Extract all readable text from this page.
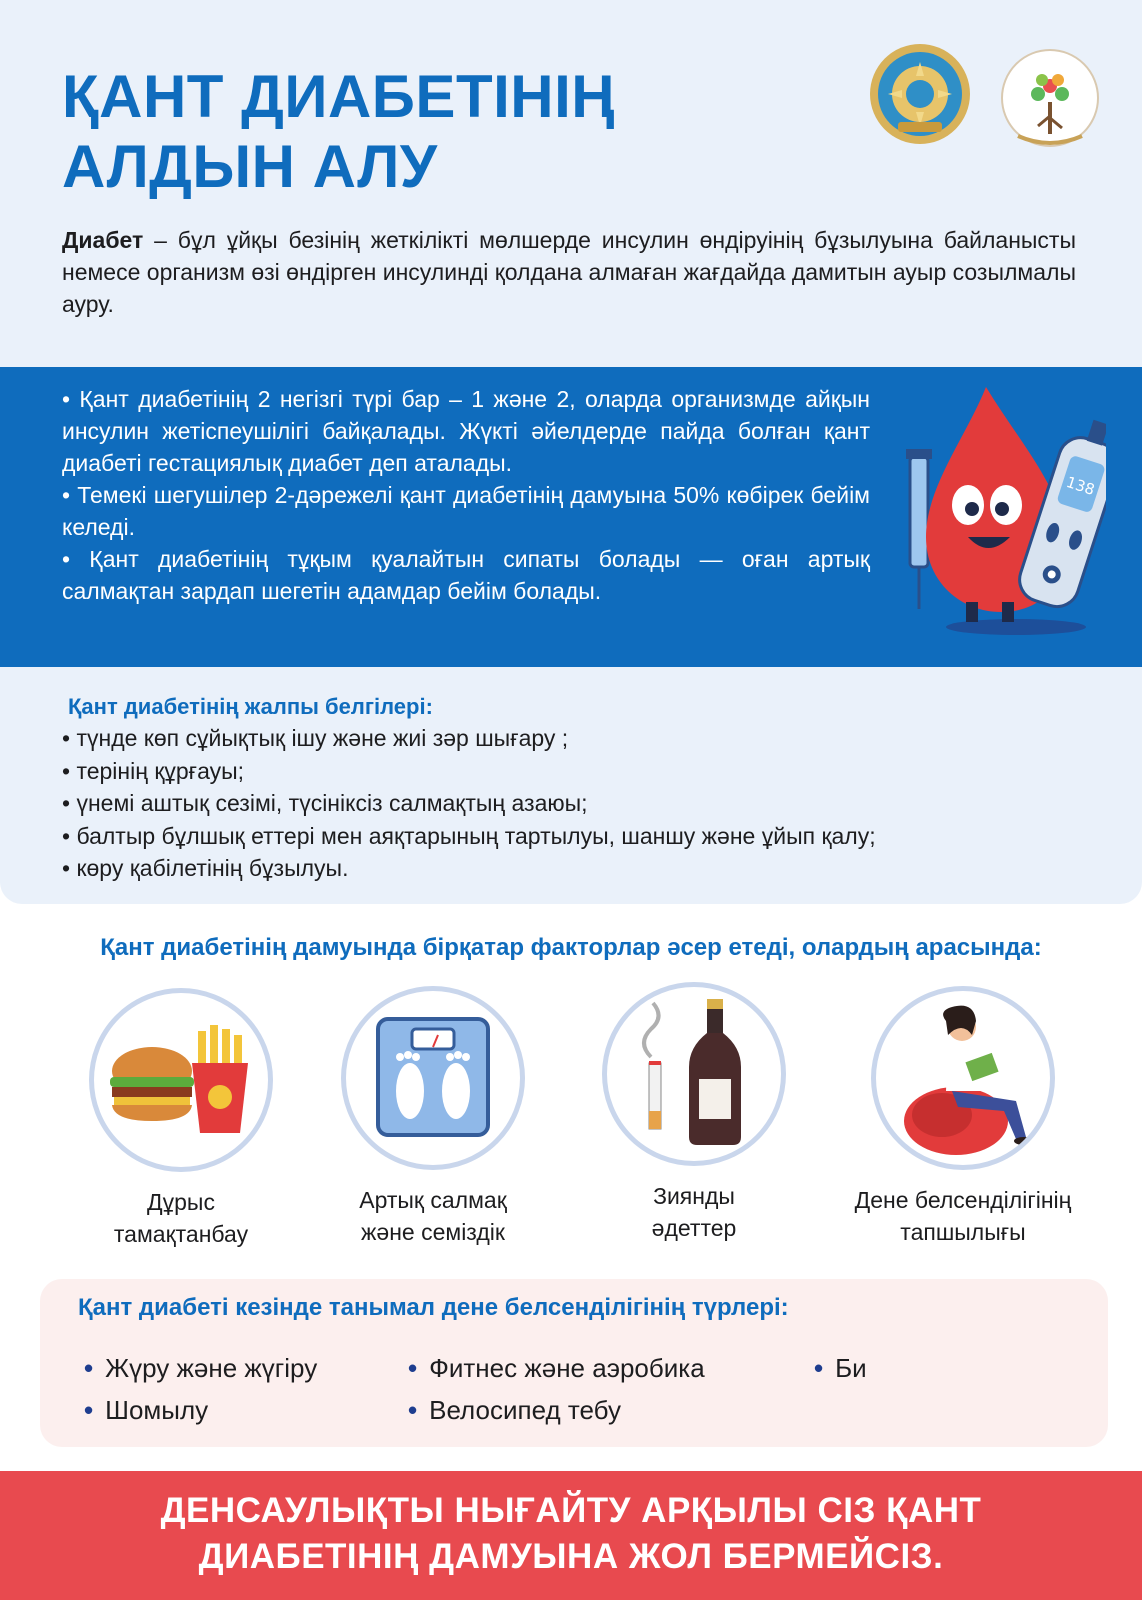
ҚАНТ ДИАБЕТІНІҢ
АЛДЫН АЛУ

Диабет – бұл ұйқы безінің жеткілікті мөлшерде инсулин өндіруінің бұзылуына байланысты немесе организм өзі өндірген инсулинді қолдана алмаған жағдайда дамитын ауыр созылмалы ауру.

• Қант диабетінің 2 негізгі түрі бар – 1 және 2, оларда организмде айқын инсулин жетіспеушілігі байқалады. Жүкті әйелдерде пайда болған қант диабеті гестациялық диабет деп аталады.

• Темекі шегушілер 2-дәрежелі қант диабетінің дамуына 50% көбірек бейім келеді.

• Қант диабетінің тұқым қуалайтын сипаты болады — оған артық салмақтан зардап шегетін адамдар бейім болады.

138
Қант диабетінің жалпы белгілері:
• түнде көп сұйықтық ішу және жиі зәр шығару ;
• терінің құрғауы;
• үнемі аштық сезімі, түсініксіз салмақтың азаюы;
• балтыр бұлшық еттері мен аяқтарының тартылуы, шаншу және ұйып қалу;
• көру қабілетінің бұзылуы.
Қант диабетінің дамуында бірқатар факторлар әсер етеді, олардың арасында:
Дұрыс
тамақтанбау
Артық салмақ
және семіздік
Зиянды
әдеттер
Дене белсенділігінің
тапшылығы
Қант диабеті кезінде танымал дене белсенділігінің түрлері:
• Жүру және жүгіру	• Фитнес және аэробика	• Би
• Шомылу	• Велосипед тебу
ДЕНСАУЛЫҚТЫ НЫҒАЙТУ АРҚЫЛЫ СІЗ ҚАНТ
ДИАБЕТІНІҢ ДАМУЫНА ЖОЛ БЕРМЕЙСІЗ.
